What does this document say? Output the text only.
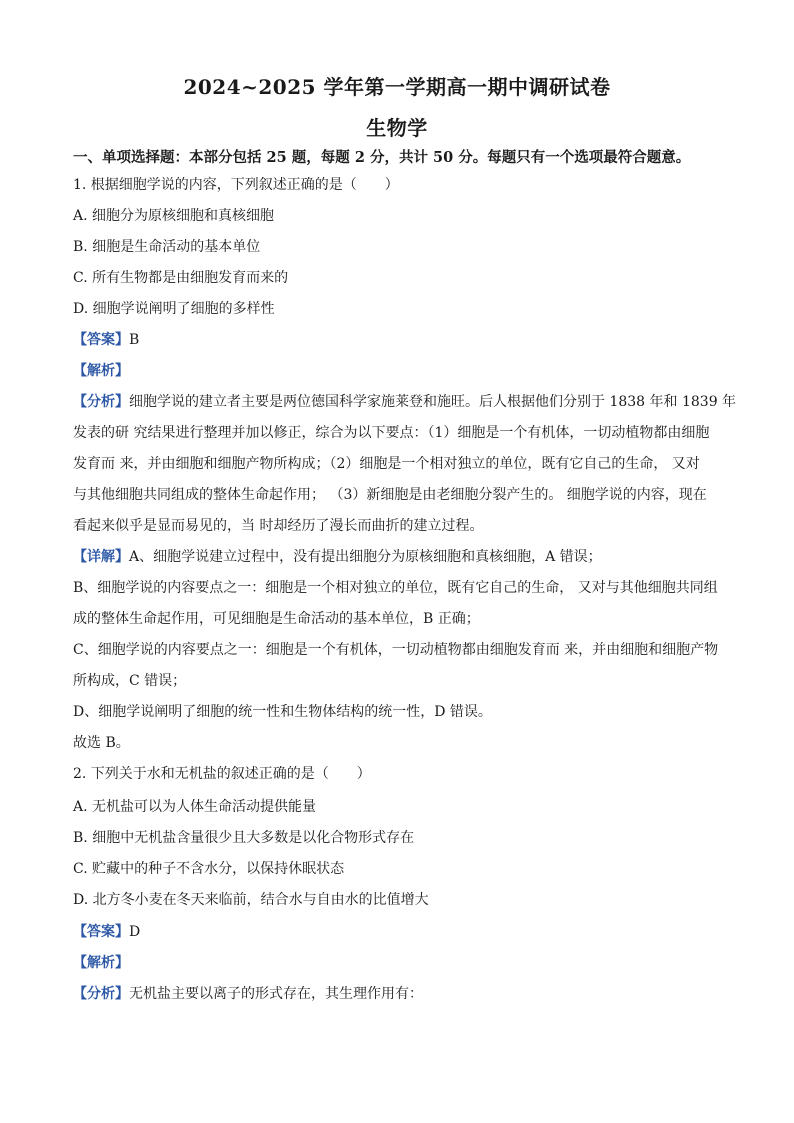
2024~2025 学年第一学期高一期中调研试卷
生物学
一、单项选择题：本部分包括 25 题，每题 2 分，共计 50 分。每题只有一个选项最符合题意。
1. 根据细胞学说的内容，下列叙述正确的是（　　）
A. 细胞分为原核细胞和真核细胞
B. 细胞是生命活动的基本单位
C. 所有生物都是由细胞发育而来的
D. 细胞学说阐明了细胞的多样性
【答案】B
【解析】
【分析】细胞学说的建立者主要是两位德国科学家施莱登和施旺。后人根据他们分别于 1838 年和 1839 年
发表的研 究结果进行整理并加以修正，综合为以下要点：（1）细胞是一个有机体，一切动植物都由细胞
发育而 来，并由细胞和细胞产物所构成；（2）细胞是一个相对独立的单位，既有它自己的生命， 又对
与其他细胞共同组成的整体生命起作用； （3）新细胞是由老细胞分裂产生的。 细胞学说的内容，现在
看起来似乎是显而易见的，当 时却经历了漫长而曲折的建立过程。
【详解】A、细胞学说建立过程中，没有提出细胞分为原核细胞和真核细胞，A 错误；
B、细胞学说的内容要点之一：细胞是一个相对独立的单位，既有它自己的生命， 又对与其他细胞共同组
成的整体生命起作用，可见细胞是生命活动的基本单位，B 正确；
C、细胞学说的内容要点之一：细胞是一个有机体，一切动植物都由细胞发育而 来，并由细胞和细胞产物
所构成，C 错误；
D、细胞学说阐明了细胞的统一性和生物体结构的统一性，D 错误。
故选 B。
2. 下列关于水和无机盐的叙述正确的是（　　）
A. 无机盐可以为人体生命活动提供能量
B. 细胞中无机盐含量很少且大多数是以化合物形式存在
C. 贮藏中的种子不含水分，以保持休眠状态
D. 北方冬小麦在冬天来临前，结合水与自由水的比值增大
【答案】D
【解析】
【分析】无机盐主要以离子的形式存在，其生理作用有：
